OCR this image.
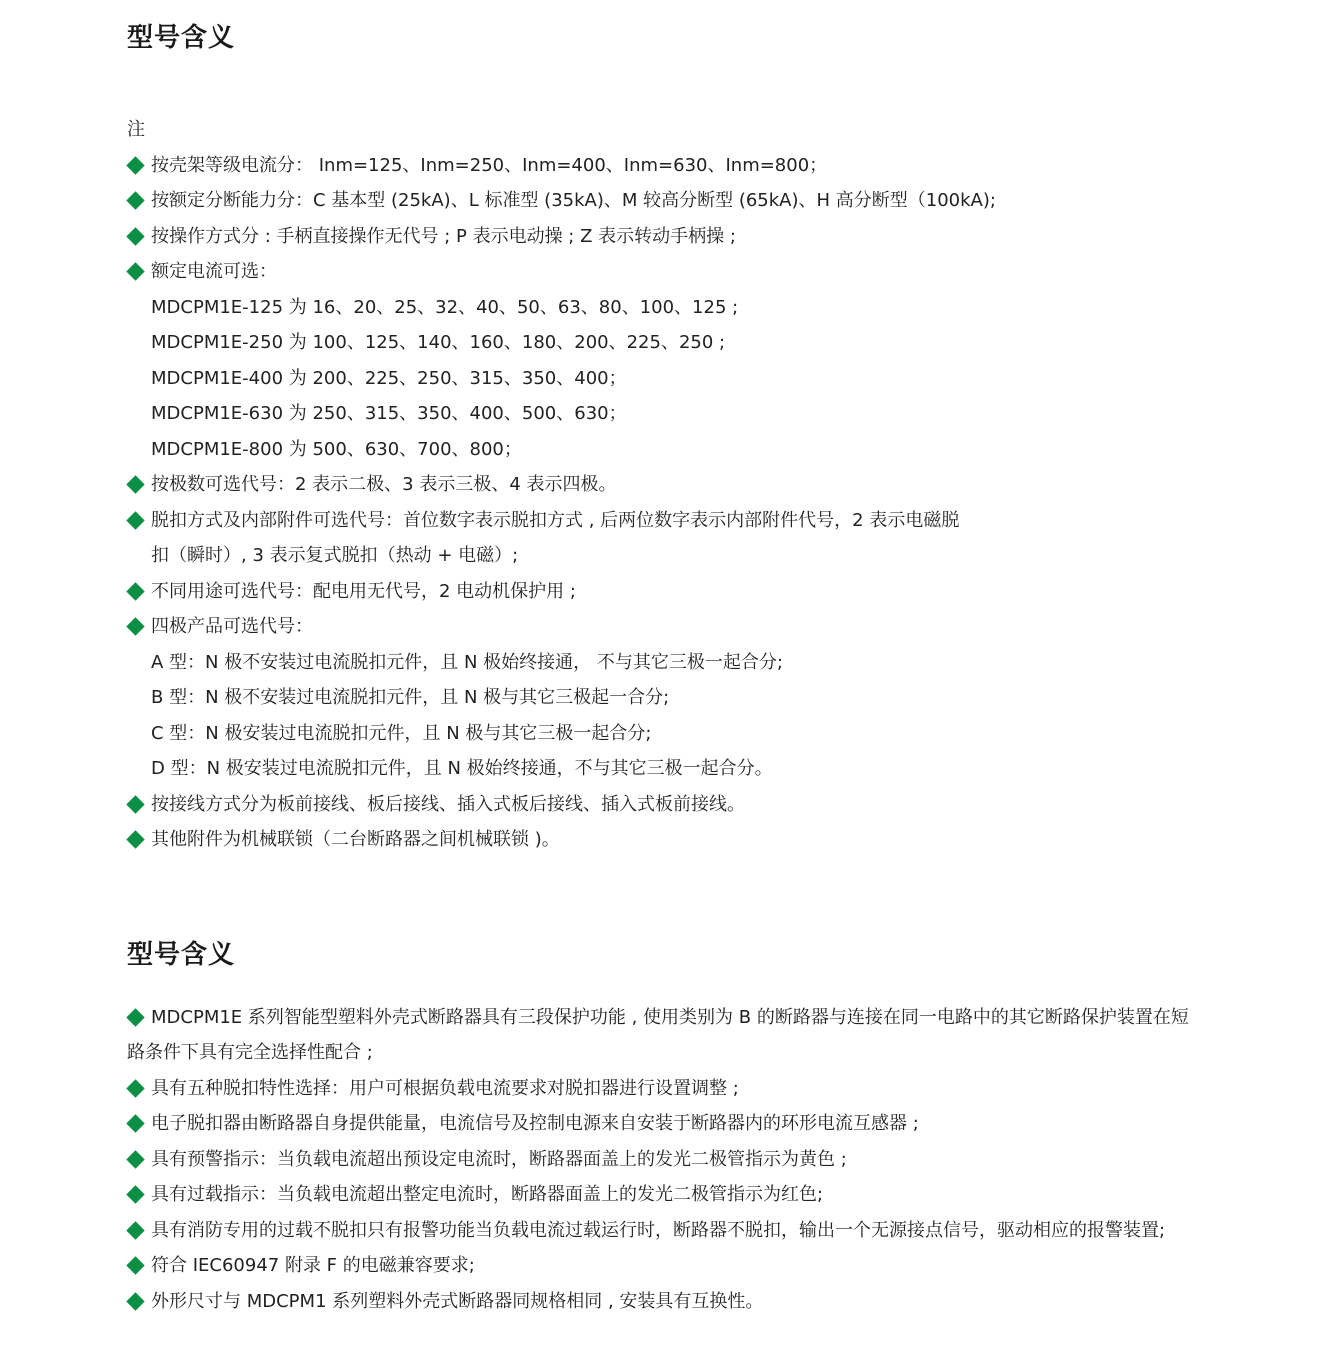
型号含义
注
按壳架等级电流分： Inm=125、Inm=250、Inm=400、Inm=630、Inm=800；
按额定分断能力分：C 基本型 (25kA)、L 标准型 (35kA)、M 较高分断型 (65kA)、H 高分断型（100kA);
按操作方式分 : 手柄直接操作无代号 ; P 表示电动操 ; Z 表示转动手柄操 ;
额定电流可选：
MDCPM1E-125 为 16、20、25、32、40、50、63、80、100、125 ;
MDCPM1E-250 为 100、125、140、160、180、200、225、250 ;
MDCPM1E-400 为 200、225、250、315、350、400；
MDCPM1E-630 为 250、315、350、400、500、630；
MDCPM1E-800 为 500、630、700、800；
按极数可选代号：2 表示二极、3 表示三极、4 表示四极。
脱扣方式及内部附件可选代号：首位数字表示脱扣方式 , 后两位数字表示内部附件代号，2 表示电磁脱
扣（瞬时）, 3 表示复式脱扣（热动 + 电磁）;
不同用途可选代号：配电用无代号，2 电动机保护用 ;
四极产品可选代号：
A 型：N 极不安装过电流脱扣元件，且 N 极始终接通， 不与其它三极一起合分;
B 型：N 极不安装过电流脱扣元件，且 N 极与其它三极起一合分;
C 型：N 极安装过电流脱扣元件，且 N 极与其它三极一起合分;
D 型：N 极安装过电流脱扣元件，且 N 极始终接通，不与其它三极一起合分。
按接线方式分为板前接线、板后接线、插入式板后接线、插入式板前接线。
其他附件为机械联锁（二台断路器之间机械联锁 )。
型号含义
MDCPM1E 系列智能型塑料外壳式断路器具有三段保护功能 , 使用类别为 B 的断路器与连接在同一电路中的其它断路保护装置在短路条件下具有完全选择性配合 ;
具有五种脱扣特性选择：用户可根据负载电流要求对脱扣器进行设置调整 ;
电子脱扣器由断路器自身提供能量，电流信号及控制电源来自安装于断路器内的环形电流互感器 ;
具有预警指示：当负载电流超出预设定电流时，断路器面盖上的发光二极管指示为黄色 ;
具有过载指示：当负载电流超出整定电流时，断路器面盖上的发光二极管指示为红色;
具有消防专用的过载不脱扣只有报警功能当负载电流过载运行时，断路器不脱扣，输出一个无源接点信号，驱动相应的报警装置;
符合 IEC60947 附录 F 的电磁兼容要求;
外形尺寸与 MDCPM1 系列塑料外壳式断路器同规格相同 , 安装具有互换性。
